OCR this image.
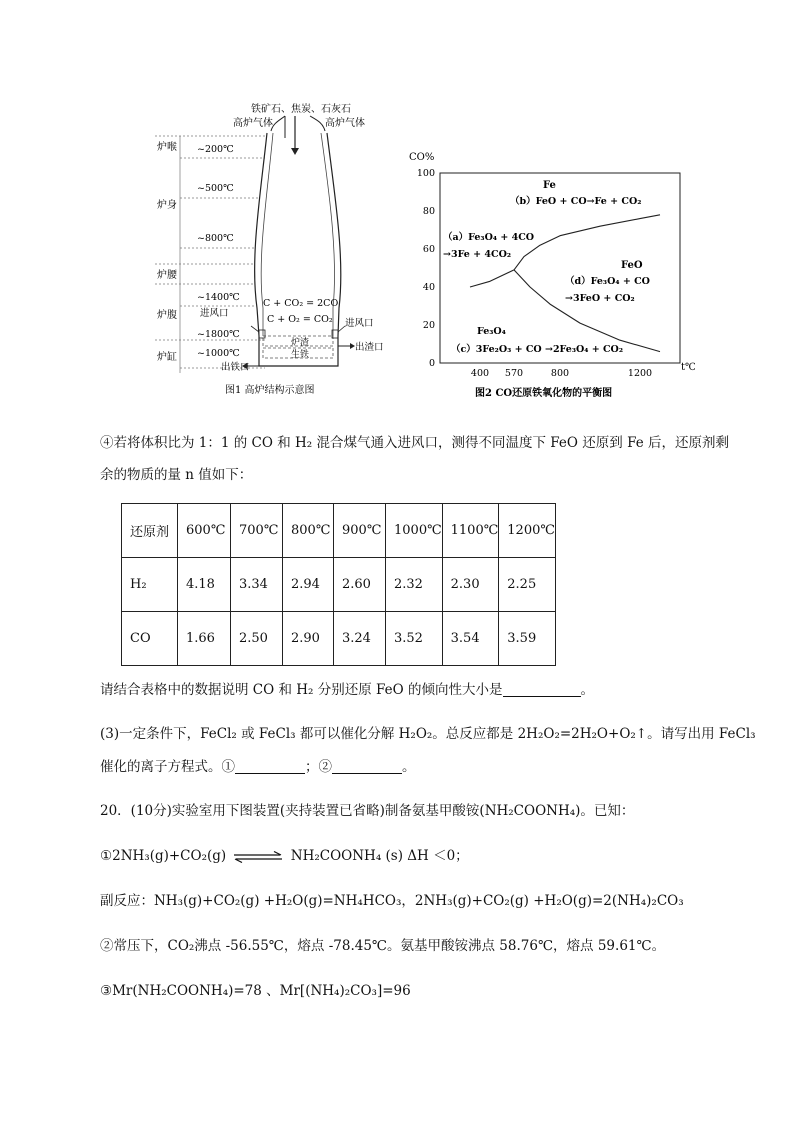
铁矿石、焦炭、石灰石
高炉气体	高炉气体
炉喉
炉身
炉腰
炉腹
炉缸
~200℃
~500℃
~800℃
~1400℃
~1800℃
~1000℃
C + CO₂ = 2CO
C + O₂ = CO₂
进风口
进风口
炉渣
生铁
出渣口
出铁口
图1 高炉结构示意图
CO%
t℃
0
20
40
60
80
100
400 570	800	1200
Fe
（b）FeO + CO→Fe + CO₂
（a）Fe₃O₄ + 4CO
→3Fe + 4CO₂
FeO
（d）Fe₃O₄ + CO
→3FeO + CO₂
Fe₃O₄
（c）3Fe₂O₃ + CO →2Fe₃O₄ + CO₂
图2 CO还原铁氧化物的平衡图
④若将体积比为 1：1 的 CO 和 H₂ 混合煤气通入进风口，测得不同温度下 FeO 还原到 Fe 后，还原剂剩
余的物质的量 n 值如下：
还原剂	600℃	700℃	800℃	900℃	1000℃	1100℃	1200℃
H₂	4.18	3.34	2.94	2.60	2.32	2.30	2.25
CO	1.66	2.50	2.90	3.24	3.52	3.54	3.59
请结合表格中的数据说明 CO 和 H₂ 分别还原 FeO 的倾向性大小是	。
(3)一定条件下，FeCl₂ 或 FeCl₃ 都可以催化分解 H₂O₂。总反应都是 2H₂O₂=2H₂O+O₂↑。请写出用 FeCl₃
催化的离子方程式。①	；②	。
20．(10分)实验室用下图装置(夹持装置已省略)制备氨基甲酸铵(NH₂COONH₄)。已知：
①2NH₃(g)+CO₂(g) ⇌ NH₂COONH₄ (s) ΔH ＜0；
副反应：NH₃(g)+CO₂(g) +H₂O(g)=NH₄HCO₃，2NH₃(g)+CO₂(g) +H₂O(g)=2(NH₄)₂CO₃
②常压下，CO₂沸点 -56.55℃，熔点 -78.45℃。氨基甲酸铵沸点 58.76℃，熔点 59.61℃。
③Mr(NH₂COONH₄)=78 、Mr[(NH₄)₂CO₃]=96
